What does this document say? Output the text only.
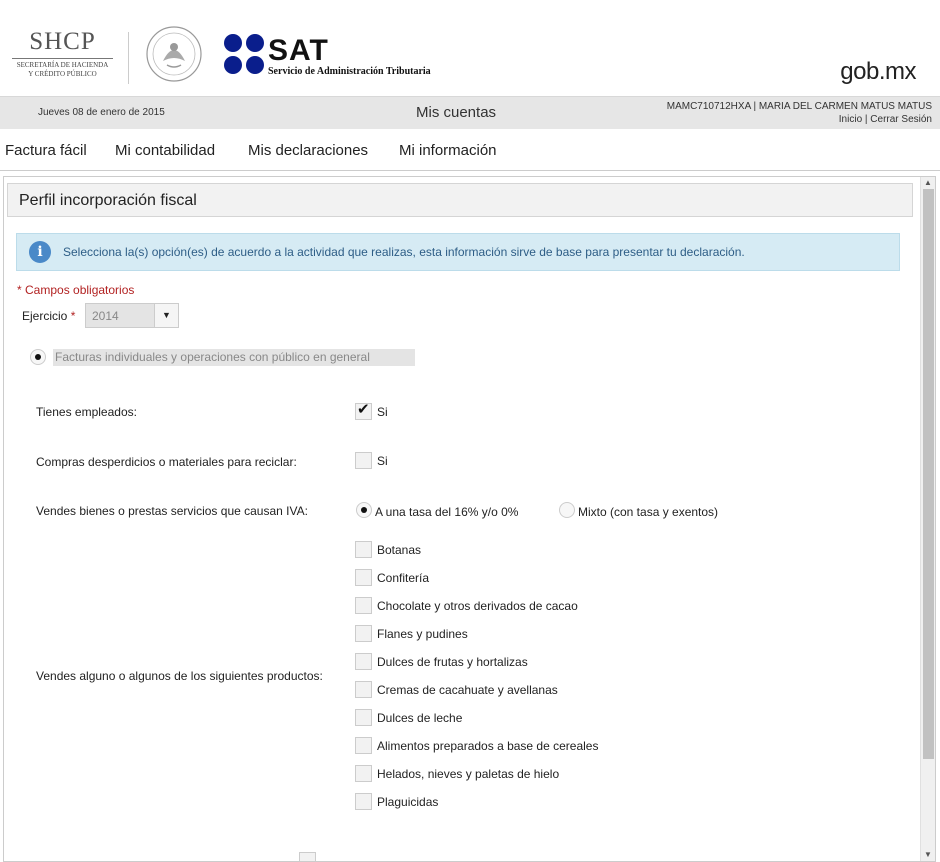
SHCP
SECRETARÍA DE HACIENDA
Y CRÉDITO PÚBLICO
SAT
Servicio de Administración Tributaria	gob.mx
Jueves 08 de enero de 2015	Mis cuentas	MAMC710712HXA | MARIA DEL CARMEN MATUS MATUS
Inicio | Cerrar Sesión
Factura fácil Mi contabilidad Mis declaraciones Mi información
Perfil incorporación fiscal
i	Selecciona la(s) opción(es) de acuerdo a la actividad que realizas, esta información sirve de base para presentar tu declaración.
* Campos obligatorios
Ejercicio * 2014	▼
Facturas individuales y operaciones con público en general
Tienes empleados:	✔ Si
Compras desperdicios o materiales para reciclar:	Si
Vendes bienes o prestas servicios que causan IVA:	A una tasa del 16% y/o 0%	Mixto (con tasa y exentos)
Vendes alguno o algunos de los siguientes productos:
Botanas
Confitería
Chocolate y otros derivados de cacao
Flanes y pudines
Dulces de frutas y hortalizas
Cremas de cacahuate y avellanas
Dulces de leche
Alimentos preparados a base de cereales
Helados, nieves y paletas de hielo
Plaguicidas
▲
▼
